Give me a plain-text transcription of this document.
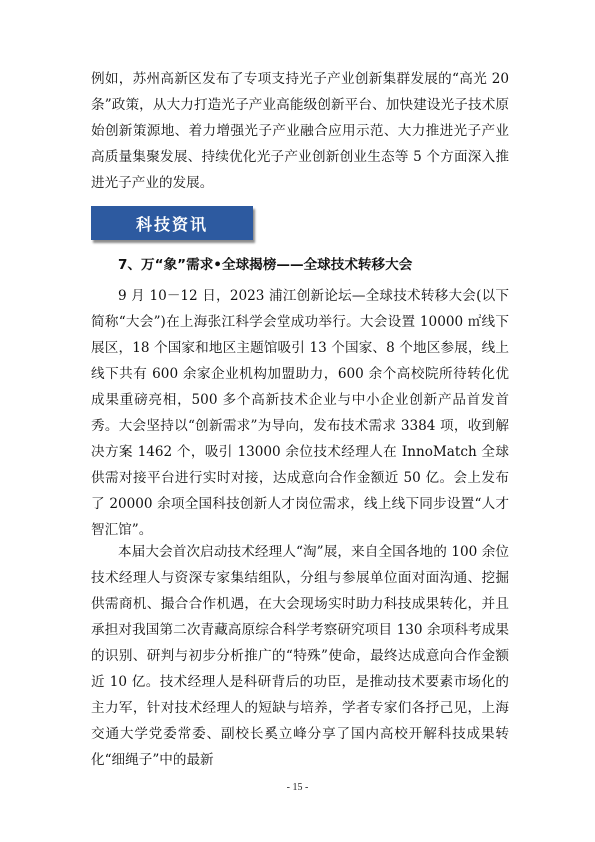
例如，苏州高新区发布了专项支持光子产业创新集群发展的“高光 20 条”政策，从大力打造光子产业高能级创新平台、加快建设光子技术原始创新策源地、着力增强光子产业融合应用示范、大力推进光子产业高质量集聚发展、持续优化光子产业创新创业生态等 5 个方面深入推进光子产业的发展。

科技资讯

7、万“象”需求•全球揭榜——全球技术转移大会

9 月 10－12 日，2023 浦江创新论坛—全球技术转移大会(以下简称“大会”)在上海张江科学会堂成功举行。大会设置 10000 ㎡线下展区，18 个国家和地区主题馆吸引 13 个国家、8 个地区参展，线上线下共有 600 余家企业机构加盟助力，600 余个高校院所待转化优成果重磅亮相，500 多个高新技术企业与中小企业创新产品首发首秀。大会坚持以“创新需求”为导向，发布技术需求 3384 项，收到解决方案 1462 个，吸引 13000 余位技术经理人在 InnoMatch 全球供需对接平台进行实时对接，达成意向合作金额近 50 亿。会上发布了 20000 余项全国科技创新人才岗位需求，线上线下同步设置“人才智汇馆”。

本届大会首次启动技术经理人“淘”展，来自全国各地的 100 余位技术经理人与资深专家集结组队，分组与参展单位面对面沟通、挖掘供需商机、撮合合作机遇，在大会现场实时助力科技成果转化，并且承担对我国第二次青藏高原综合科学考察研究项目 130 余项科考成果的识别、研判与初步分析推广的“特殊”使命，最终达成意向合作金额近 10 亿。技术经理人是科研背后的功臣，是推动技术要素市场化的主力军，针对技术经理人的短缺与培养，学者专家们各抒己见，上海交通大学党委常委、副校长奚立峰分享了国内高校开解科技成果转化“细绳子”中的最新

- 15 -
